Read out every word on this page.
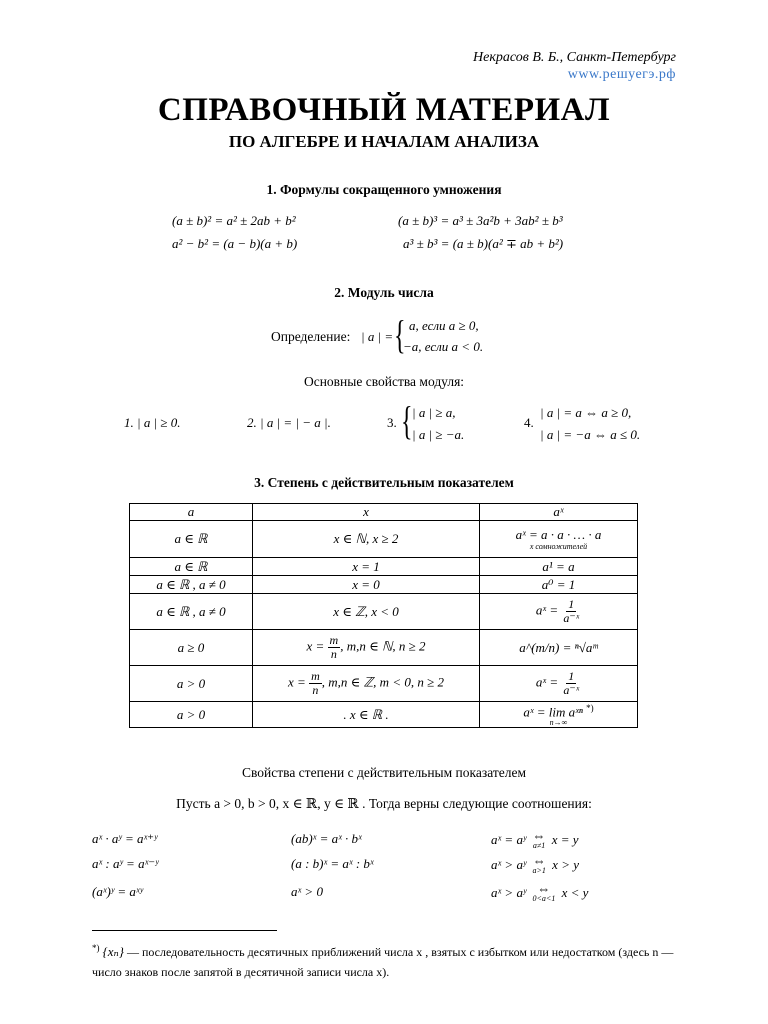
Некрасов В. Б., Санкт-Петербург
www.решуегэ.рф
СПРАВОЧНЫЙ МАТЕРИАЛ
ПО АЛГЕБРЕ И НАЧАЛАМ АНАЛИЗА
1. Формулы сокращенного умножения
(a ± b)² = a² ± 2ab + b²
a² − b² = (a − b)(a + b)
(a ± b)³ = a³ ± 3a²b + 3ab² ± b³
a³ ± b³ = (a ± b)(a² ∓ ab + b²)
2. Модуль числа
Определение: | a | = { a, если a ≥ 0,
−a, если a < 0.
Основные свойства модуля:
1. | a | ≥ 0.	2. | a | = | − a |.	3. { | a | ≥ a,
| a | ≥ −a.
4.
| a | = a ⇔ a ≥ 0,
| a | = −a ⇔ a ≤ 0.
3. Степень с действительным показателем
a	x	aˣ
a ∈ ℝ	x ∈ ℕ, x ≥ 2	aˣ = a · a · … · a
x сомножителей

a ∈ ℝ	x = 1	a¹ = a
a ∈ ℝ , a ≠ 0	x = 0	a⁰ = 1
a ∈ ℝ , a ≠ 0	x ∈ ℤ, x < 0	aˣ = $\frac{1}{\text{a⁻ˣ}}$

a ≥ 0	$x = \frac{m}{n}$ , m,n ∈ ℕ, n ≥ 2	a^(m/n) = ⁿ√aᵐ
a > 0	$x = \frac{m}{n}$ , m,n ∈ ℤ, m < 0, n ≥ 2	aˣ = $\frac{1}{\text{a⁻ˣ}}$

a > 0	. x ∈ ℝ .	aˣ = lim aˣⁿ *)
n→∞
Свойства степени с действительным показателем
Пусть a > 0, b > 0, x ∈ ℝ, y ∈ ℝ . Тогда верны следующие соотношения:
aˣ · aʸ = aˣ⁺ʸ
aˣ : aʸ = aˣ⁻ʸ
(aˣ)ʸ = aˣʸ
(ab)ˣ = aˣ · bˣ
(a : b)ˣ = aˣ : bˣ
aˣ > 0
aˣ = aʸ ⇔
a≠1 x = y
aˣ > aʸ ⇔
a>1 x > y
aˣ > aʸ ⇔
0<a<1 x < y
*) {xₙ} — последовательность десятичных приближений числа x , взятых с избытком или недостатком (здесь n — число знаков после запятой в десятичной записи числа x).
